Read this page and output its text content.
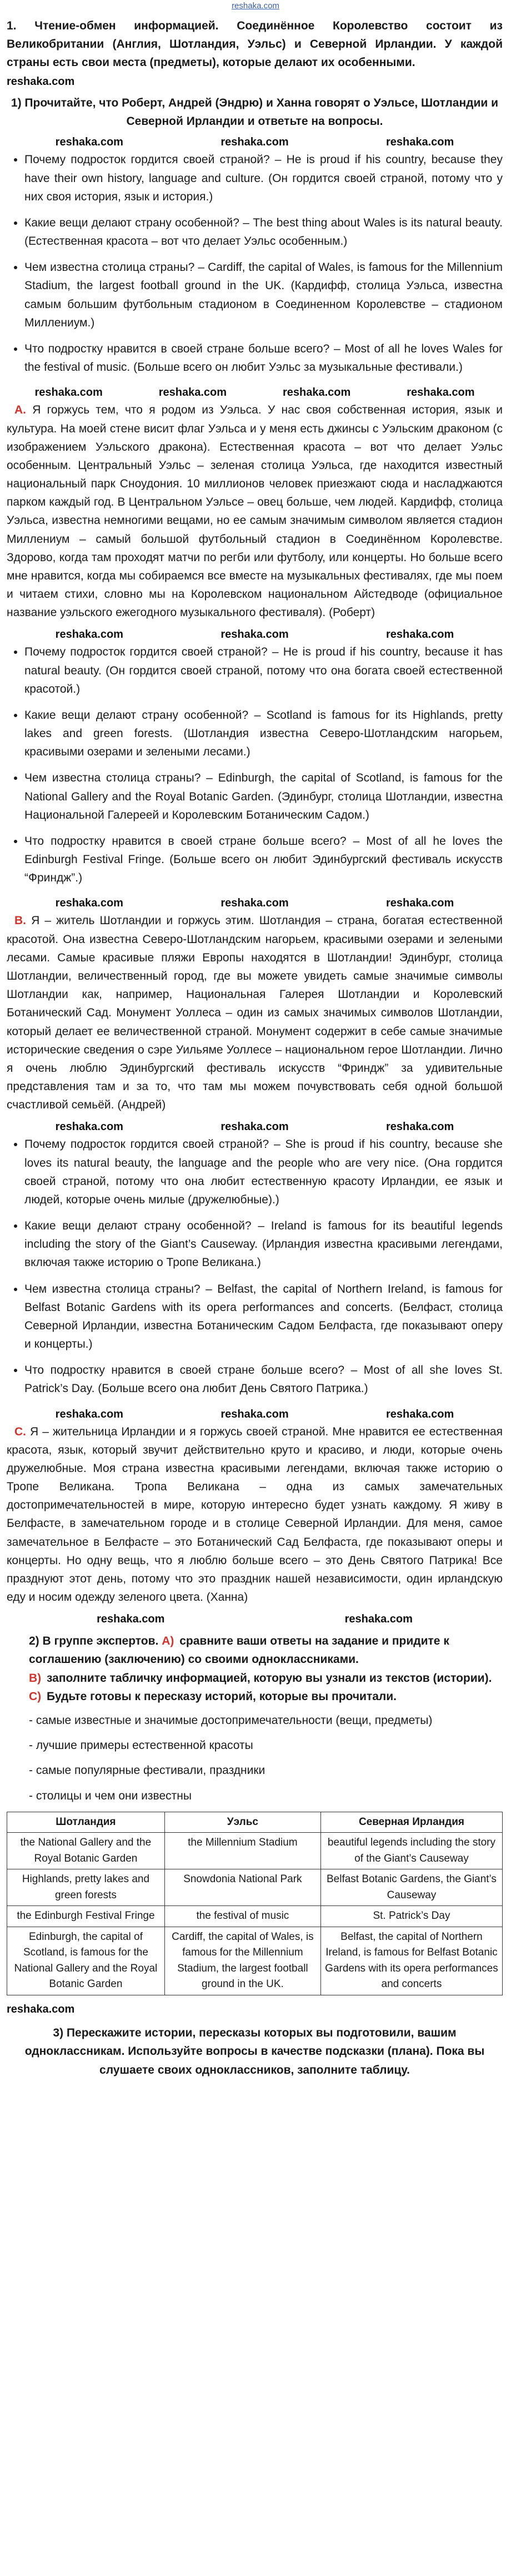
reshaka.com

1. Чтение-обмен информацией. Соединённое Королевство состоит из Великобритании (Англия, Шотландия, Уэльс) и Северной Ирландии. У каждой страны есть свои места (предметы), которые делают их особенными.

reshaka.com

1) Прочитайте, что Роберт, Андрей (Эндрю) и Ханна говорят о Уэльсе, Шотландии и Северной Ирландии и ответьте на вопросы.

reshaka.com	reshaka.com	reshaka.com
• Почему подросток гордится своей страной? – He is proud if his country, because they have their own history, language and culture. (Он гордится своей страной, потому что у них своя история, язык и история.)
• Какие вещи делают страну особенной? – The best thing about Wales is its natural beauty. (Естественная красота – вот что делает Уэльс особенным.)
• Чем известна столица страны? – Cardiff, the capital of Wales, is famous for the Millennium Stadium, the largest football ground in the UK. (Кардифф, столица Уэльса, известна самым большим футбольным стадионом в Соединенном Королевстве – стадионом Миллениум.)
• Что подростку нравится в своей стране больше всего? – Most of all he loves Wales for the festival of music. (Больше всего он любит Уэльс за музыкальные фестивали.)
reshaka.com	reshaka.com	reshaka.com	reshaka.com

А. Я горжусь тем, что я родом из Уэльса. У нас своя собственная история, язык и культура. На моей стене висит флаг Уэльса и у меня есть джинсы с Уэльским драконом (с изображением Уэльского дракона). Естественная красота – вот что делает Уэльс особенным. Центральный Уэльс – зеленая столица Уэльса, где находится известный национальный парк Сноудония. 10 миллионов человек приезжают сюда и насладжаются парком каждый год. В Центральном Уэльсе – овец больше, чем людей. Кардифф, столица Уэльса, известна немногими вещами, но ее самым значимым символом является стадион Миллениум – самый большой футбольный стадион в Соединённом Королевстве. Здорово, когда там проходят матчи по регби или футболу, или концерты. Но больше всего мне нравится, когда мы собираемся все вместе на музыкальных фестивалях, где мы поем и читаем стихи, словно мы на Королевском национальном Айстедводе (официальное название уэльского ежегодного музыкального фестиваля). (Роберт)

reshaka.com	reshaka.com	reshaka.com
• Почему подросток гордится своей страной? – He is proud if his country, because it has natural beauty. (Он гордится своей страной, потому что она богата своей естественной красотой.)
• Какие вещи делают страну особенной? – Scotland is famous for its Highlands, pretty lakes and green forests. (Шотландия известна Северо-Шотландским нагорьем, красивыми озерами и зелеными лесами.)
• Чем известна столица страны? – Edinburgh, the capital of Scotland, is famous for the National Gallery and the Royal Botanic Garden. (Эдинбург, столица Шотландии, известна Национальной Галереей и Королевским Ботаническим Садом.)
• Что подростку нравится в своей стране больше всего? – Most of all he loves the Edinburgh Festival Fringe. (Больше всего он любит Эдинбургский фестиваль искусств “Фриндж”.)
reshaka.com	reshaka.com	reshaka.com

В. Я – житель Шотландии и горжусь этим. Шотландия – страна, богатая естественной красотой. Она известна Северо-Шотландским нагорьем, красивыми озерами и зелеными лесами. Самые красивые пляжи Европы находятся в Шотландии! Эдинбург, столица Шотландии, величественный город, где вы можете увидеть самые значимые символы Шотландии как, например, Национальная Галерея Шотландии и Королевский Ботанический Сад. Монумент Уоллеса – один из самых значимых символов Шотландии, который делает ее величественной страной. Монумент содержит в себе самые значимые исторические сведения о сэре Уильяме Уоллесе – национальном герое Шотландии. Лично я очень люблю Эдинбургский фестиваль искусств “Фриндж” за удивительные представления там и за то, что там мы можем почувствовать себя одной большой счастливой семьёй. (Андрей)

reshaka.com	reshaka.com	reshaka.com
• Почему подросток гордится своей страной? – She is proud if his country, because she loves its natural beauty, the language and the people who are very nice. (Она гордится своей страной, потому что она любит естественную красоту Ирландии, ее язык и людей, которые очень милые (дружелюбные).)
• Какие вещи делают страну особенной? – Ireland is famous for its beautiful legends including the story of the Giant’s Causeway. (Ирландия известна красивыми легендами, включая также историю о Тропе Великана.)
• Чем известна столица страны? – Belfast, the capital of Northern Ireland, is famous for Belfast Botanic Gardens with its opera performances and concerts. (Белфаст, столица Северной Ирландии, известна Ботаническим Садом Белфаста, где показывают оперу и концерты.)
• Что подростку нравится в своей стране больше всего? – Most of all she loves St. Patrick’s Day. (Больше всего она любит День Святого Патрика.)
reshaka.com	reshaka.com	reshaka.com

С. Я – жительница Ирландии и я горжусь своей страной. Мне нравится ее естественная красота, язык, который звучит действительно круто и красиво, и люди, которые очень дружелюбные. Моя страна известна красивыми легендами, включая также историю о Тропе Великана. Тропа Великана – одна из самых замечательных достопримечательностей в мире, которую интересно будет узнать каждому. Я живу в Белфасте, в замечательном городе и в столице Северной Ирландии. Для меня, самое замечательное в Белфасте – это Ботанический Сад Белфаста, где показывают оперы и концерты. Но одну вещь, что я люблю больше всего – это День Святого Патрика! Все празднуют этот день, потому что это праздник нашей независимости, один ирландскую еду и носим одежду зеленого цвета. (Ханна)

reshaka.com	reshaka.com
2) В группе экспертов. А) сравните ваши ответы на задание и придите к соглашению (заключению) со своими одноклассниками.
В) заполните табличку информацией, которую вы узнали из текстов (истории).
С) Будьте готовы к пересказу историй, которые вы прочитали.
- самые известные и значимые достопримечательности (вещи, предметы)
- лучшие примеры естественной красоты
- самые популярные фестивали, праздники
- столицы и чем они известны
Шотландия	Уэльс	Северная Ирландия
the National Gallery and the Royal Botanic Garden	the Millennium Stadium	beautiful legends including the story of the Giant’s Causeway
Highlands, pretty lakes and green forests	Snowdonia National Park	Belfast Botanic Gardens, the Giant’s Causeway
the Edinburgh Festival Fringe	the festival of music	St. Patrick’s Day
Edinburgh, the capital of Scotland, is famous for the National Gallery and the Royal Botanic Garden	Cardiff, the capital of Wales, is famous for the Millennium Stadium, the largest football ground in the UK.	Belfast, the capital of Northern Ireland, is famous for Belfast Botanic Gardens with its opera performances and concerts
reshaka.com

3) Перескажите истории, пересказы которых вы подготовили, вашим одноклассникам. Используйте вопросы в качестве подсказки (плана). Пока вы слушаете своих одноклассников, заполните таблицу.
